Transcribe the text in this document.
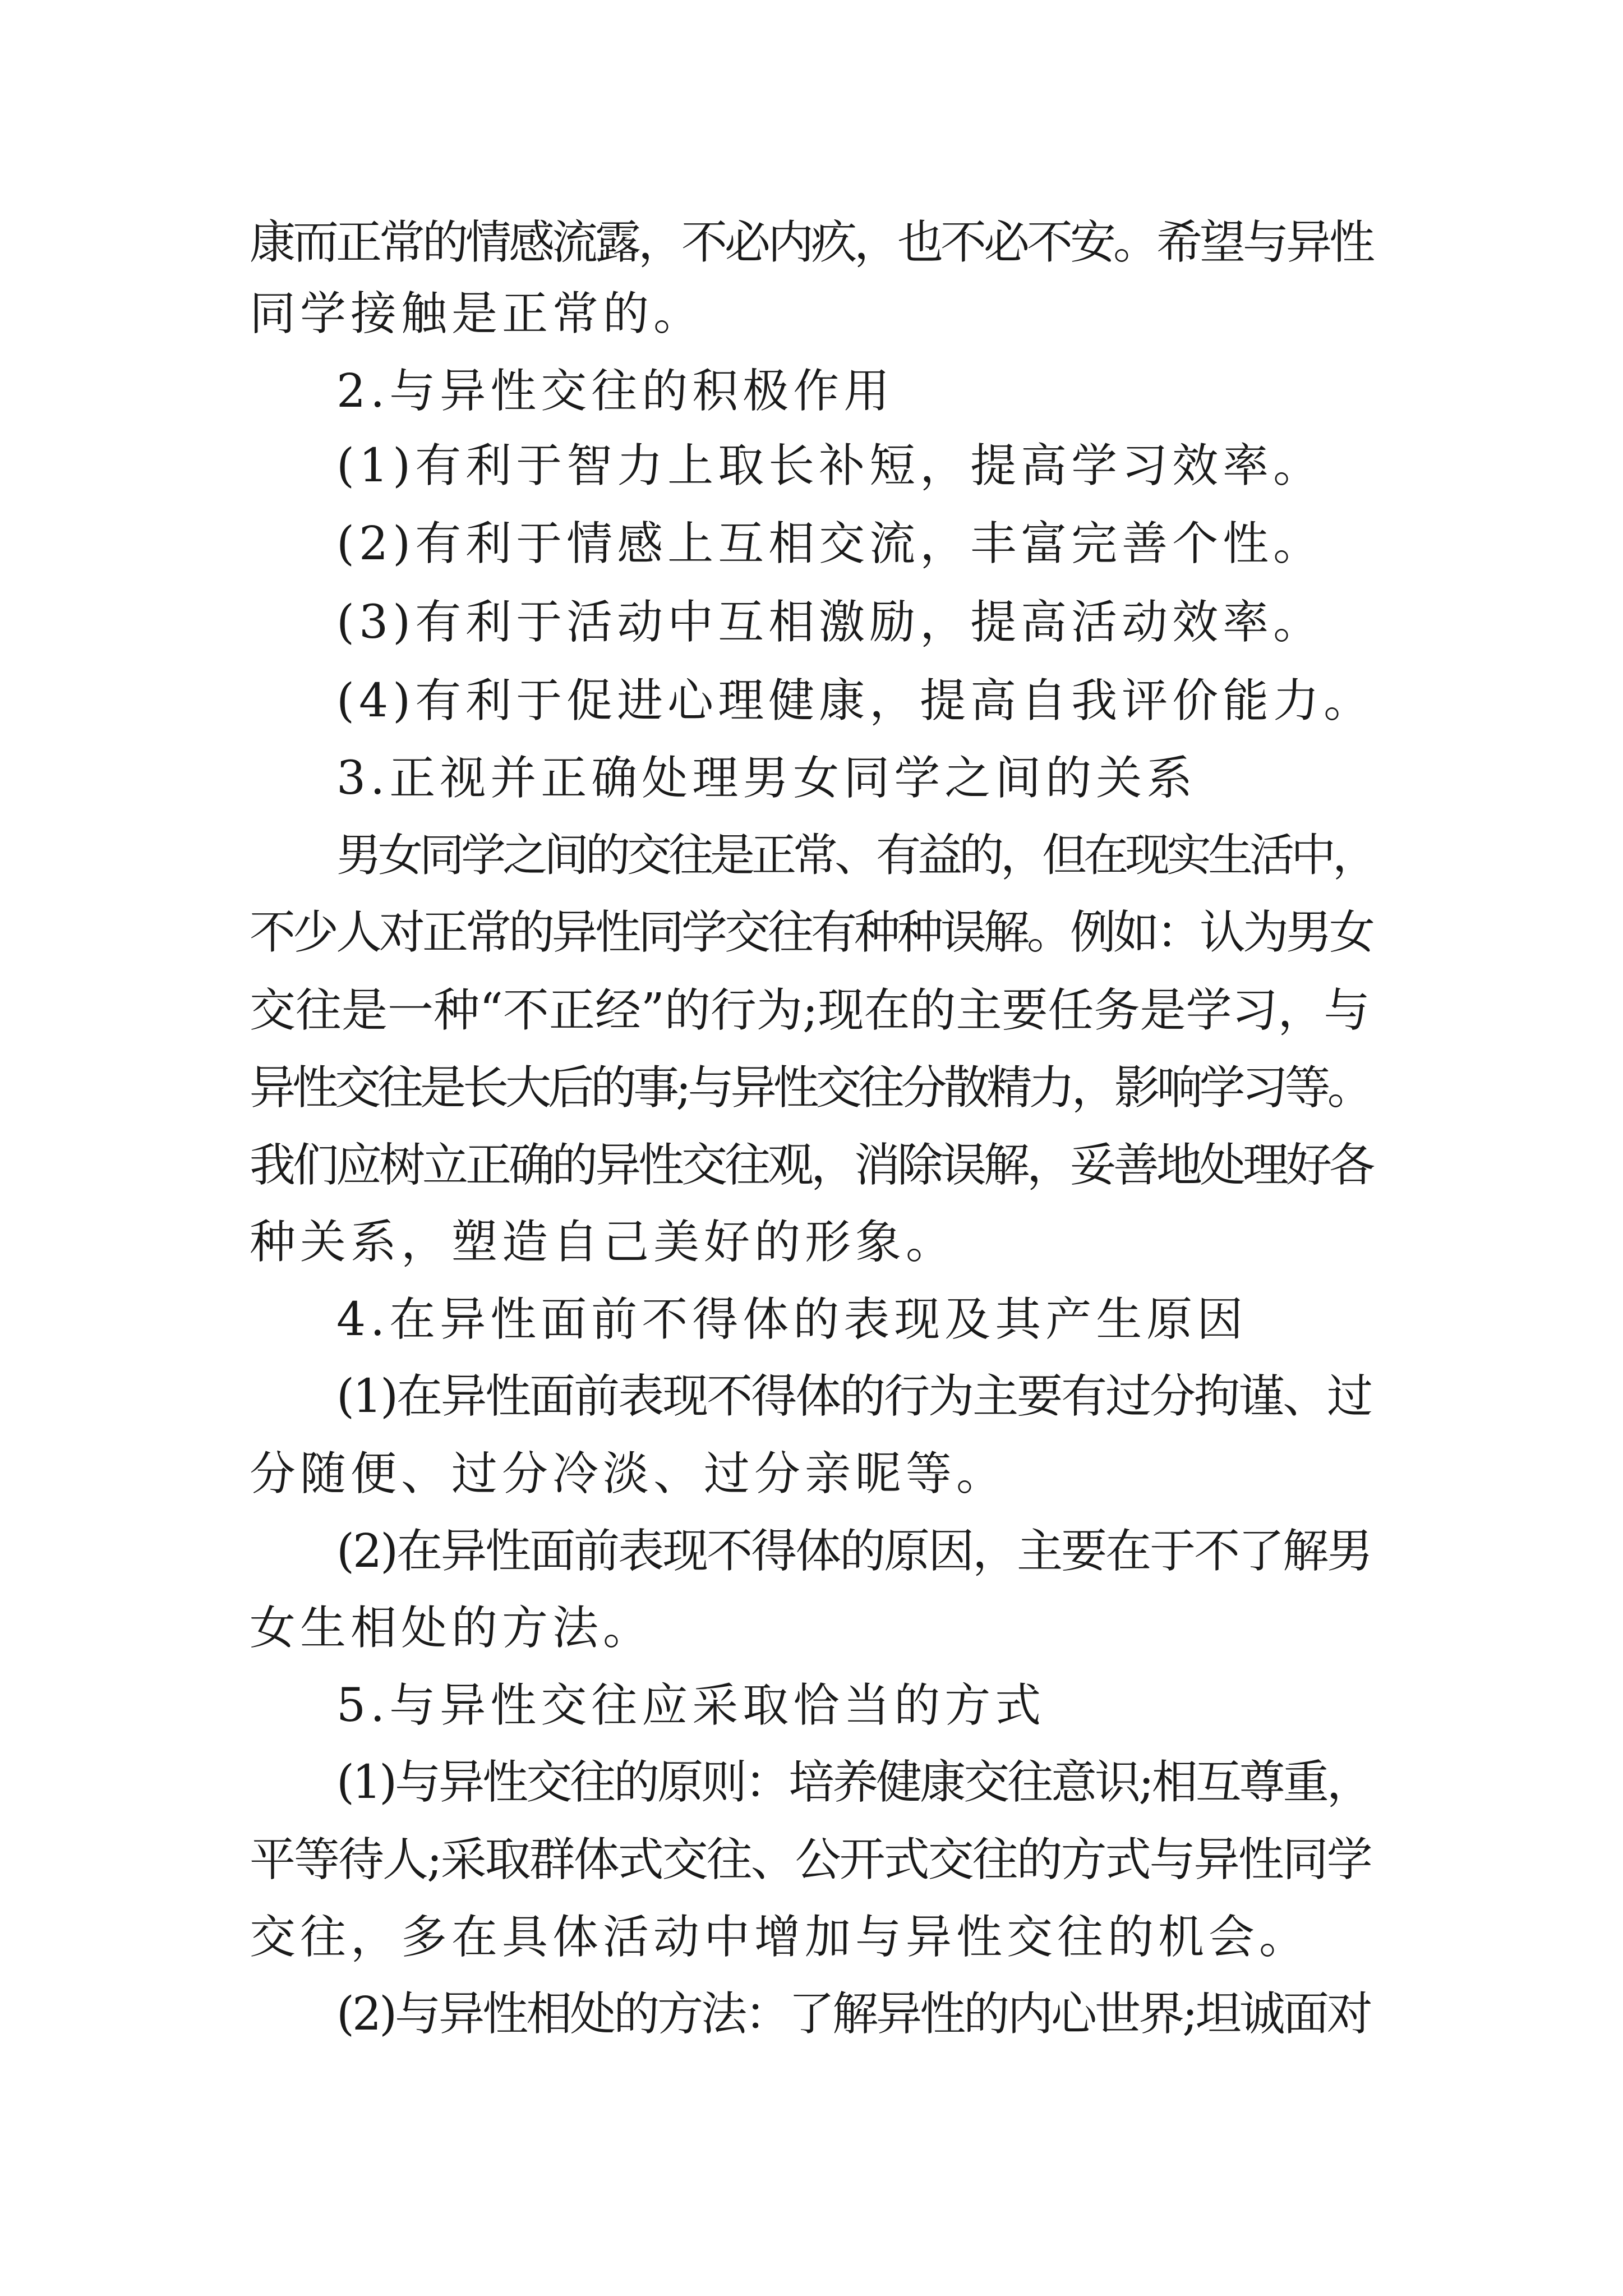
康而正常的情感流露，不必内疚，也不必不安。希望与异性
同学接触是正常的。
2.与异性交往的积极作用
(1)有利于智力上取长补短，提高学习效率。
(2)有利于情感上互相交流，丰富完善个性。
(3)有利于活动中互相激励，提高活动效率。
(4)有利于促进心理健康，提高自我评价能力。
3.正视并正确处理男女同学之间的关系
男女同学之间的交往是正常、有益的，但在现实生活中，
不少人对正常的异性同学交往有种种误解。例如：认为男女
交往是一种“不正经”的行为;现在的主要任务是学习，与
异性交往是长大后的事;与异性交往分散精力，影响学习等。
我们应树立正确的异性交往观，消除误解，妥善地处理好各
种关系，塑造自己美好的形象。
4.在异性面前不得体的表现及其产生原因
(1)在异性面前表现不得体的行为主要有过分拘谨、过
分随便、过分冷淡、过分亲昵等。
(2)在异性面前表现不得体的原因，主要在于不了解男
女生相处的方法。
5.与异性交往应采取恰当的方式
(1)与异性交往的原则：培养健康交往意识;相互尊重，
平等待人;采取群体式交往、公开式交往的方式与异性同学
交往，多在具体活动中增加与异性交往的机会。
(2)与异性相处的方法：了解异性的内心世界;坦诚面对
